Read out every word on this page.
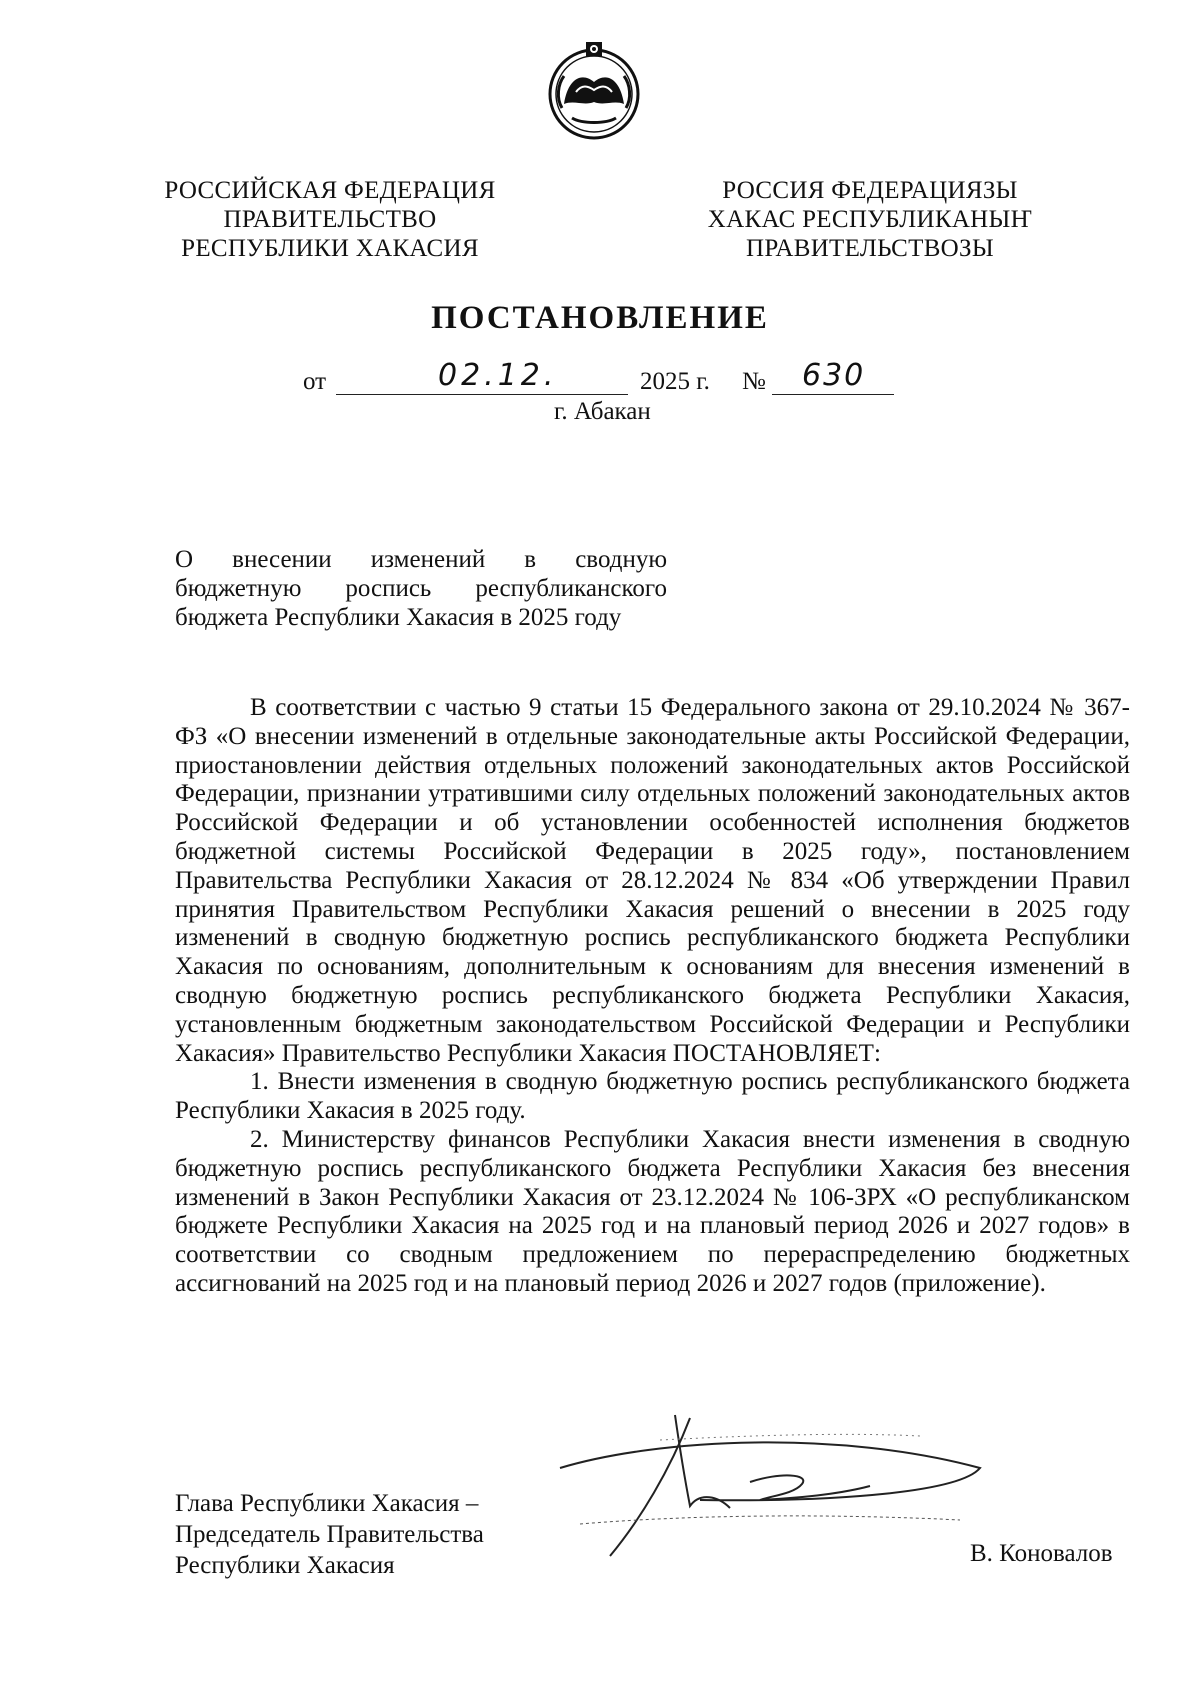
РОССИЙСКАЯ ФЕДЕРАЦИЯ
ПРАВИТЕЛЬСТВО
РЕСПУБЛИКИ ХАКАСИЯ
РОССИЯ ФЕДЕРАЦИЯЗЫ
ХАКАС РЕСПУБЛИКАНЫҤ
ПРАВИТЕЛЬСТВОЗЫ
ПОСТАНОВЛЕНИЕ
от	02.12.	2025 г. № 630
г. Абакан
О внесении изменений в сводную бюджетную роспись республиканского бюджета Республики Хакасия в 2025 году

В соответствии с частью 9 статьи 15 Федерального закона от 29.10.2024 № 367-ФЗ «О внесении изменений в отдельные законодательные акты Российской Федерации, приостановлении действия отдельных положений законодательных актов Российской Федерации, признании утратившими силу отдельных положений законодательных актов Российской Федерации и об установлении особенностей исполнения бюджетов бюджетной системы Российской Федерации в 2025 году», постановлением Правительства Республики Хакасия от 28.12.2024 № 834 «Об утверждении Правил принятия Правительством Республики Хакасия решений о внесении в 2025 году изменений в сводную бюджетную роспись республиканского бюджета Республики Хакасия по основаниям, дополнительным к основаниям для внесения изменений в сводную бюджетную роспись республиканского бюджета Республики Хакасия, установленным бюджетным законодательством Российской Федерации и Республики Хакасия» Правительство Республики Хакасия ПОСТАНОВЛЯЕТ:

1. Внести изменения в сводную бюджетную роспись республиканского бюджета Республики Хакасия в 2025 году.

2. Министерству финансов Республики Хакасия внести изменения в сводную бюджетную роспись республиканского бюджета Республики Хакасия без внесения изменений в Закон Республики Хакасия от 23.12.2024 № 106-ЗРХ «О республиканском бюджете Республики Хакасия на 2025 год и на плановый период 2026 и 2027 годов» в соответствии со сводным предложением по перераспределению бюджетных ассигнований на 2025 год и на плановый период 2026 и 2027 годов (приложение).

Глава Республики Хакасия –
Председатель Правительства
Республики Хакасия	В. Коновалов
